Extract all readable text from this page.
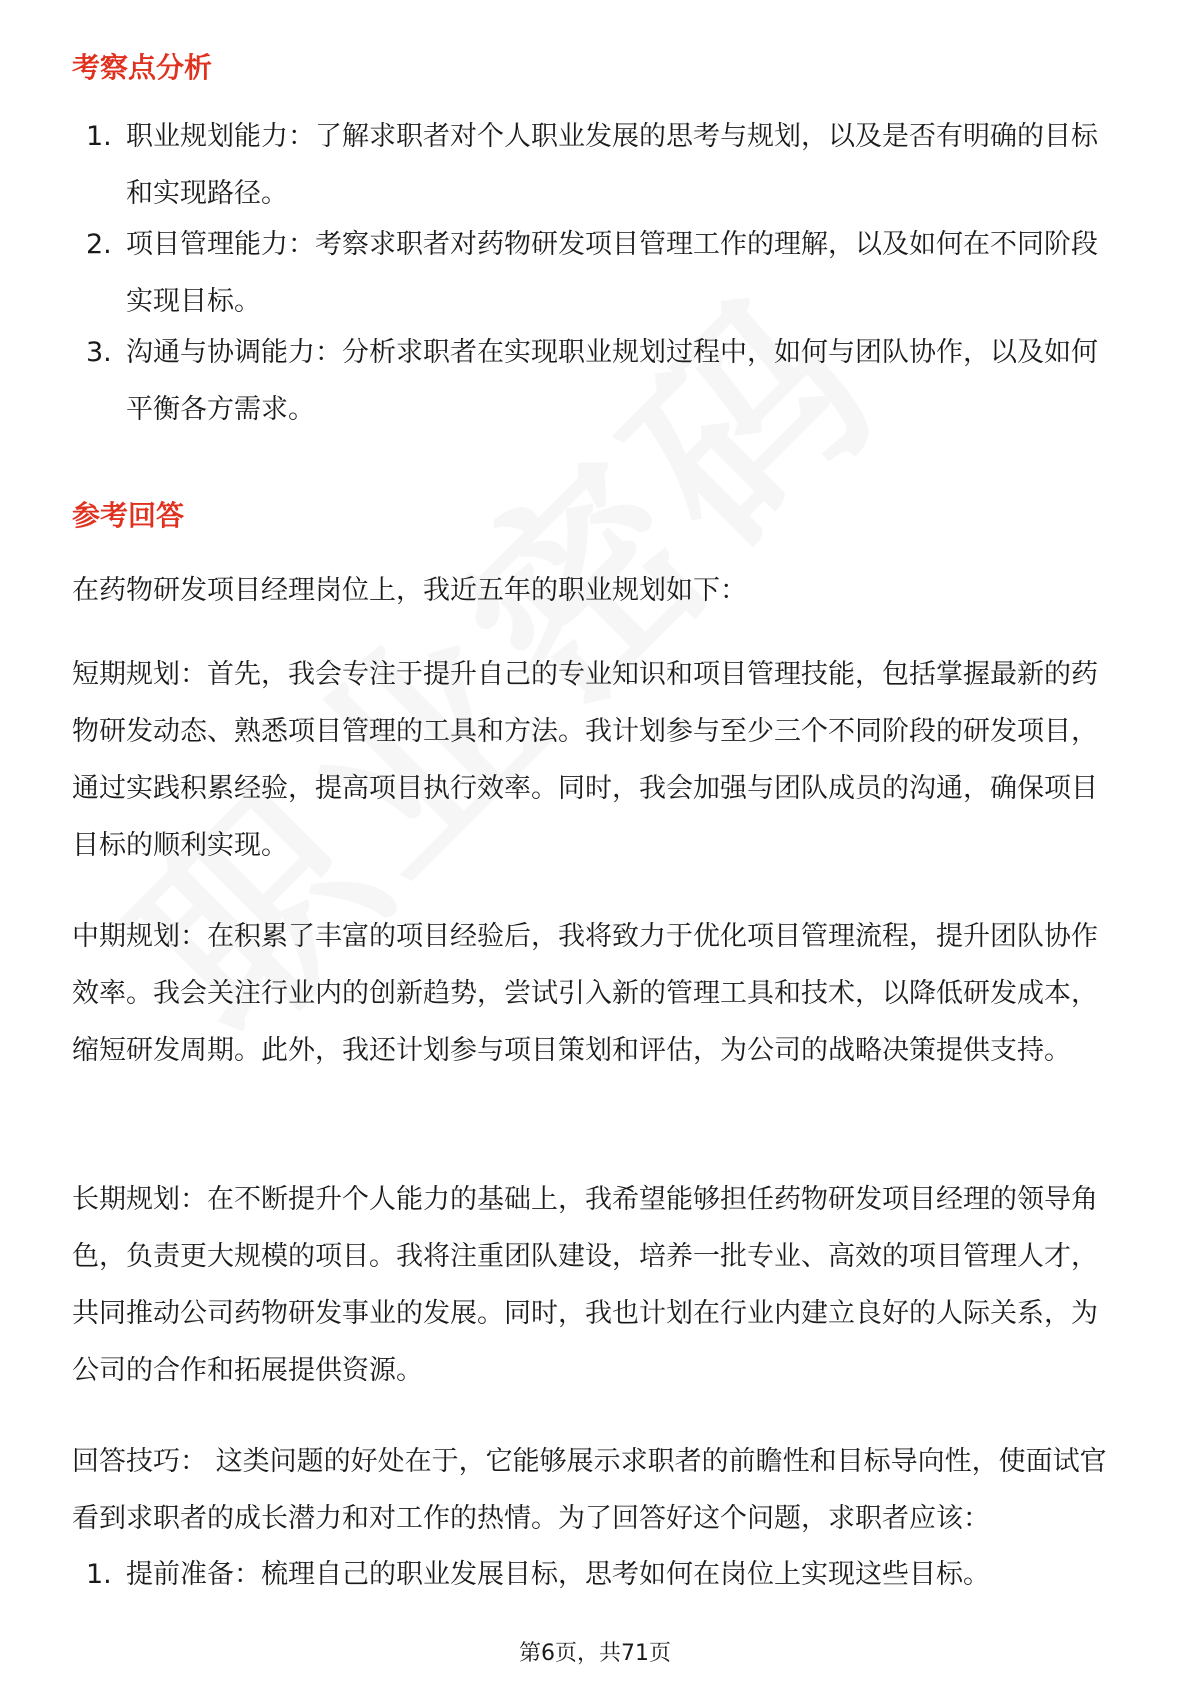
考察点分析
1. 职业规划能力：了解求职者对个人职业发展的思考与规划，以及是否有明确的目标和实现路径。
2. 项目管理能力：考察求职者对药物研发项目管理工作的理解，以及如何在不同阶段实现目标。
3. 沟通与协调能力：分析求职者在实现职业规划过程中，如何与团队协作，以及如何平衡各方需求。
参考回答

在药物研发项目经理岗位上，我近五年的职业规划如下：

短期规划：首先，我会专注于提升自己的专业知识和项目管理技能，包括掌握最新的药物研发动态、熟悉项目管理的工具和方法。我计划参与至少三个不同阶段的研发项目，通过实践积累经验，提高项目执行效率。同时，我会加强与团队成员的沟通，确保项目目标的顺利实现。

中期规划：在积累了丰富的项目经验后，我将致力于优化项目管理流程，提升团队协作效率。我会关注行业内的创新趋势，尝试引入新的管理工具和技术，以降低研发成本，缩短研发周期。此外，我还计划参与项目策划和评估，为公司的战略决策提供支持。

长期规划：在不断提升个人能力的基础上，我希望能够担任药物研发项目经理的领导角色，负责更大规模的项目。我将注重团队建设，培养一批专业、高效的项目管理人才，共同推动公司药物研发事业的发展。同时，我也计划在行业内建立良好的人际关系，为公司的合作和拓展提供资源。

回答技巧： 这类问题的好处在于，它能够展示求职者的前瞻性和目标导向性，使面试官看到求职者的成长潜力和对工作的热情。为了回答好这个问题，求职者应该：

1. 提前准备：梳理自己的职业发展目标，思考如何在岗位上实现这些目标。
第6页，共71页
